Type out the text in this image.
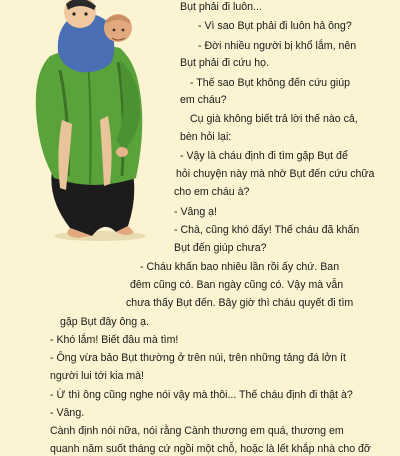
Bụt phải đi luôn...
- Vì sao Bụt phải đi luôn hả ông?
- Đời nhiều người bị khổ lắm, nên
Bụt phải đi cứu họ.
- Thế sao Bụt không đến cứu giúp
em cháu?
Cụ già không biết trả lời thế nào cả,
bèn hỏi lại:
- Vậy là cháu định đi tìm gặp Bụt để
hỏi chuyện này mà nhờ Bụt đến cứu chữa
cho em cháu à?
- Vâng ạ!
- Chà, cũng khó đấy! Thế cháu đã khấn
Bụt đến giúp chưa?
- Cháu khấn bao nhiêu lần rồi ấy chứ. Ban
đêm cũng có. Ban ngày cũng có. Vậy mà vẫn
chưa thấy Bụt đến. Bây giờ thì cháu quyết đi tìm
gặp Bụt đây ông ạ.
- Khó lắm! Biết đâu mà tìm!
- Ông vừa bảo Bụt thường ở trên núi, trên những tảng đá lởn ít
người lui tới kia mà!
- Ừ thì ông cũng nghe nói vậy mà thôi... Thế cháu định đi thật à?
- Vâng.
Cành định nói nữa, nói rằng Cành thương em quá, thương em
quanh năm suốt tháng cứ ngồi một chỗ, hoặc là lết khắp nhà cho đỡ
